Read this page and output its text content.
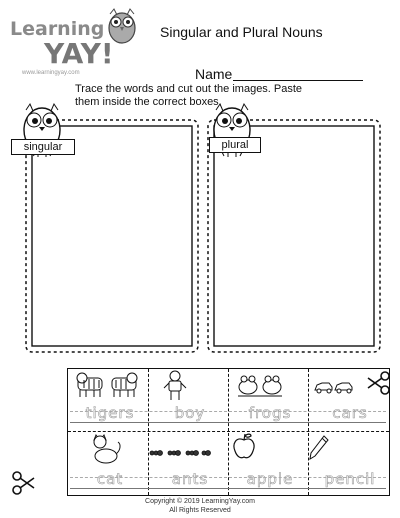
Learning
YAY!
www.learningyay.com
Singular and Plural Nouns
Name
Trace the words and cut out the images. Paste them inside the correct boxes.
singular	plural
tigers	boy	frogs	cars
cat	ants	apple	pencil
Copyright © 2019 LearningYay.com
All Rights Reserved
